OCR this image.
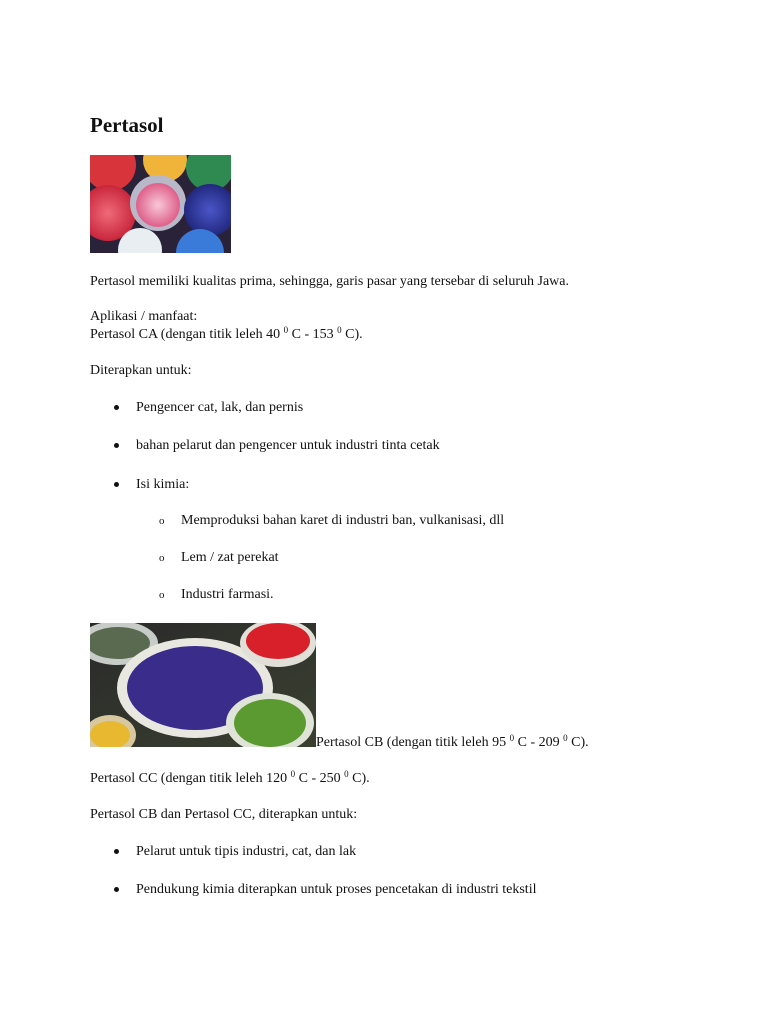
Pertasol
Pertasol memiliki kualitas prima, sehingga, garis pasar yang tersebar di seluruh Jawa.
Aplikasi / manfaat:
Pertasol CA (dengan titik leleh 40 $^0$ C - 153 $^0$ C).
Diterapkan untuk:
Pengencer cat, lak, dan pernis
bahan pelarut dan pengencer untuk industri tinta cetak
Isi kimia:
o Memproduksi bahan karet di industri ban, vulkanisasi, dll
o Lem / zat perekat
o Industri farmasi.
Pertasol CB (dengan titik leleh 95 $^0$ C - 209 $^0$ C).
Pertasol CC (dengan titik leleh 120 $^0$ C - 250 $^0$ C).
Pertasol CB dan Pertasol CC, diterapkan untuk:
Pelarut untuk tipis industri, cat, dan lak
Pendukung kimia diterapkan untuk proses pencetakan di industri tekstil
